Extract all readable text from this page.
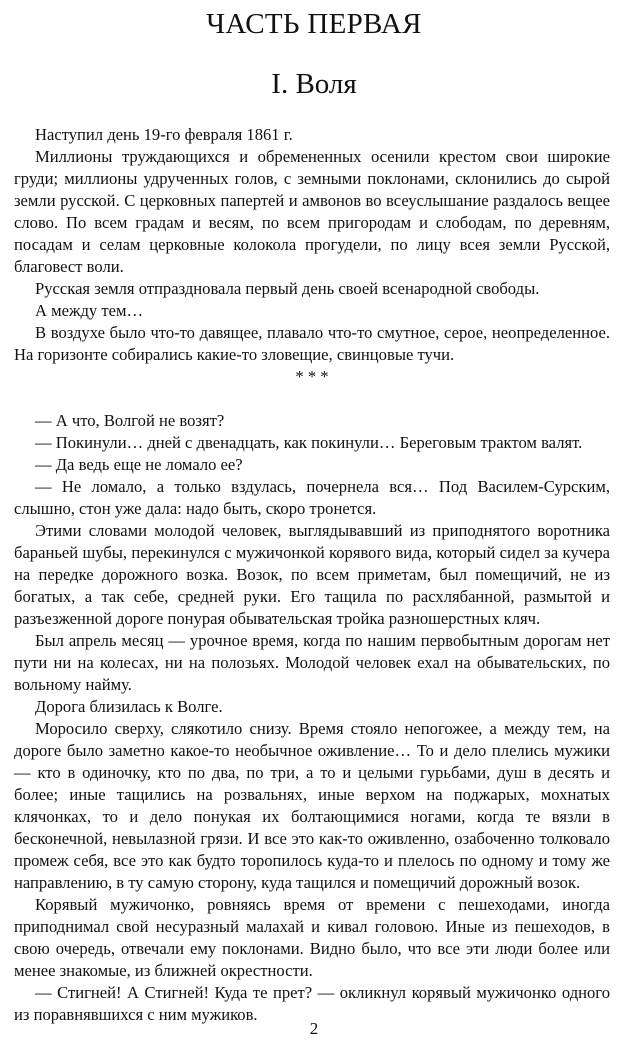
ЧАСТЬ ПЕРВАЯ
I. Воля

Наступил день 19-го февраля 1861 г.

Миллионы труждающихся и обремененных осенили крестом свои широкие груди; миллионы удрученных голов, с земными поклонами, склонились до сырой земли русской. С церковных папертей и амвонов во всеуслышание раздалось вещее слово. По всем градам и весям, по всем пригородам и слободам, по деревням, посадам и селам церковные колокола прогудели, по лицу всея земли Русской, благовест воли.

Русская земля отпраздновала первый день своей всенародной свободы.

А между тем…

В воздухе было что-то давящее, плавало что-то смутное, серое, неопределенное. На горизонте собирались какие-то зловещие, свинцовые тучи.

* * *

— А что, Волгой не возят?

— Покинули… дней с двенадцать, как покинули… Береговым трактом валят.

— Да ведь еще не ломало ее?

— Не ломало, а только вздулась, почернела вся… Под Василем-Сурским, слышно, стон уже дала: надо быть, скоро тронется.

Этими словами молодой человек, выглядывавший из приподнятого воротника бараньей шубы, перекинулся с мужичонкой корявого вида, который сидел за кучера на передке дорожного возка. Возок, по всем приметам, был помещичий, не из богатых, а так себе, средней руки. Его тащила по расхлябанной, размытой и разъезженной дороге понурая обывательская тройка разношерстных кляч.

Был апрель месяц — урочное время, когда по нашим первобытным дорогам нет пути ни на колесах, ни на полозьях. Молодой человек ехал на обывательских, по вольному найму.

Дорога близилась к Волге.

Моросило сверху, слякотило снизу. Время стояло непогожее, а между тем, на дороге было заметно какое-то необычное оживление… То и дело плелись мужики — кто в одиночку, кто по два, по три, а то и целыми гурьбами, душ в десять и более; иные тащились на розвальнях, иные верхом на поджарых, мохнатых клячонках, то и дело понукая их болтающимися ногами, когда те вязли в бесконечной, невылазной грязи. И все это как-то оживленно, озабоченно толковало промеж себя, все это как будто торопилось куда-то и плелось по одному и тому же направлению, в ту самую сторону, куда тащился и помещичий дорожный возок.

Корявый мужичонко, ровняясь время от времени с пешеходами, иногда приподнимал свой несуразный малахай и кивал головою. Иные из пешеходов, в свою очередь, отвечали ему поклонами. Видно было, что все эти люди более или менее знакомые, из ближней окрестности.

— Стигней! А Стигней! Куда те прет? — окликнул корявый мужичонко одного из поравнявшихся с ним мужиков.

2
